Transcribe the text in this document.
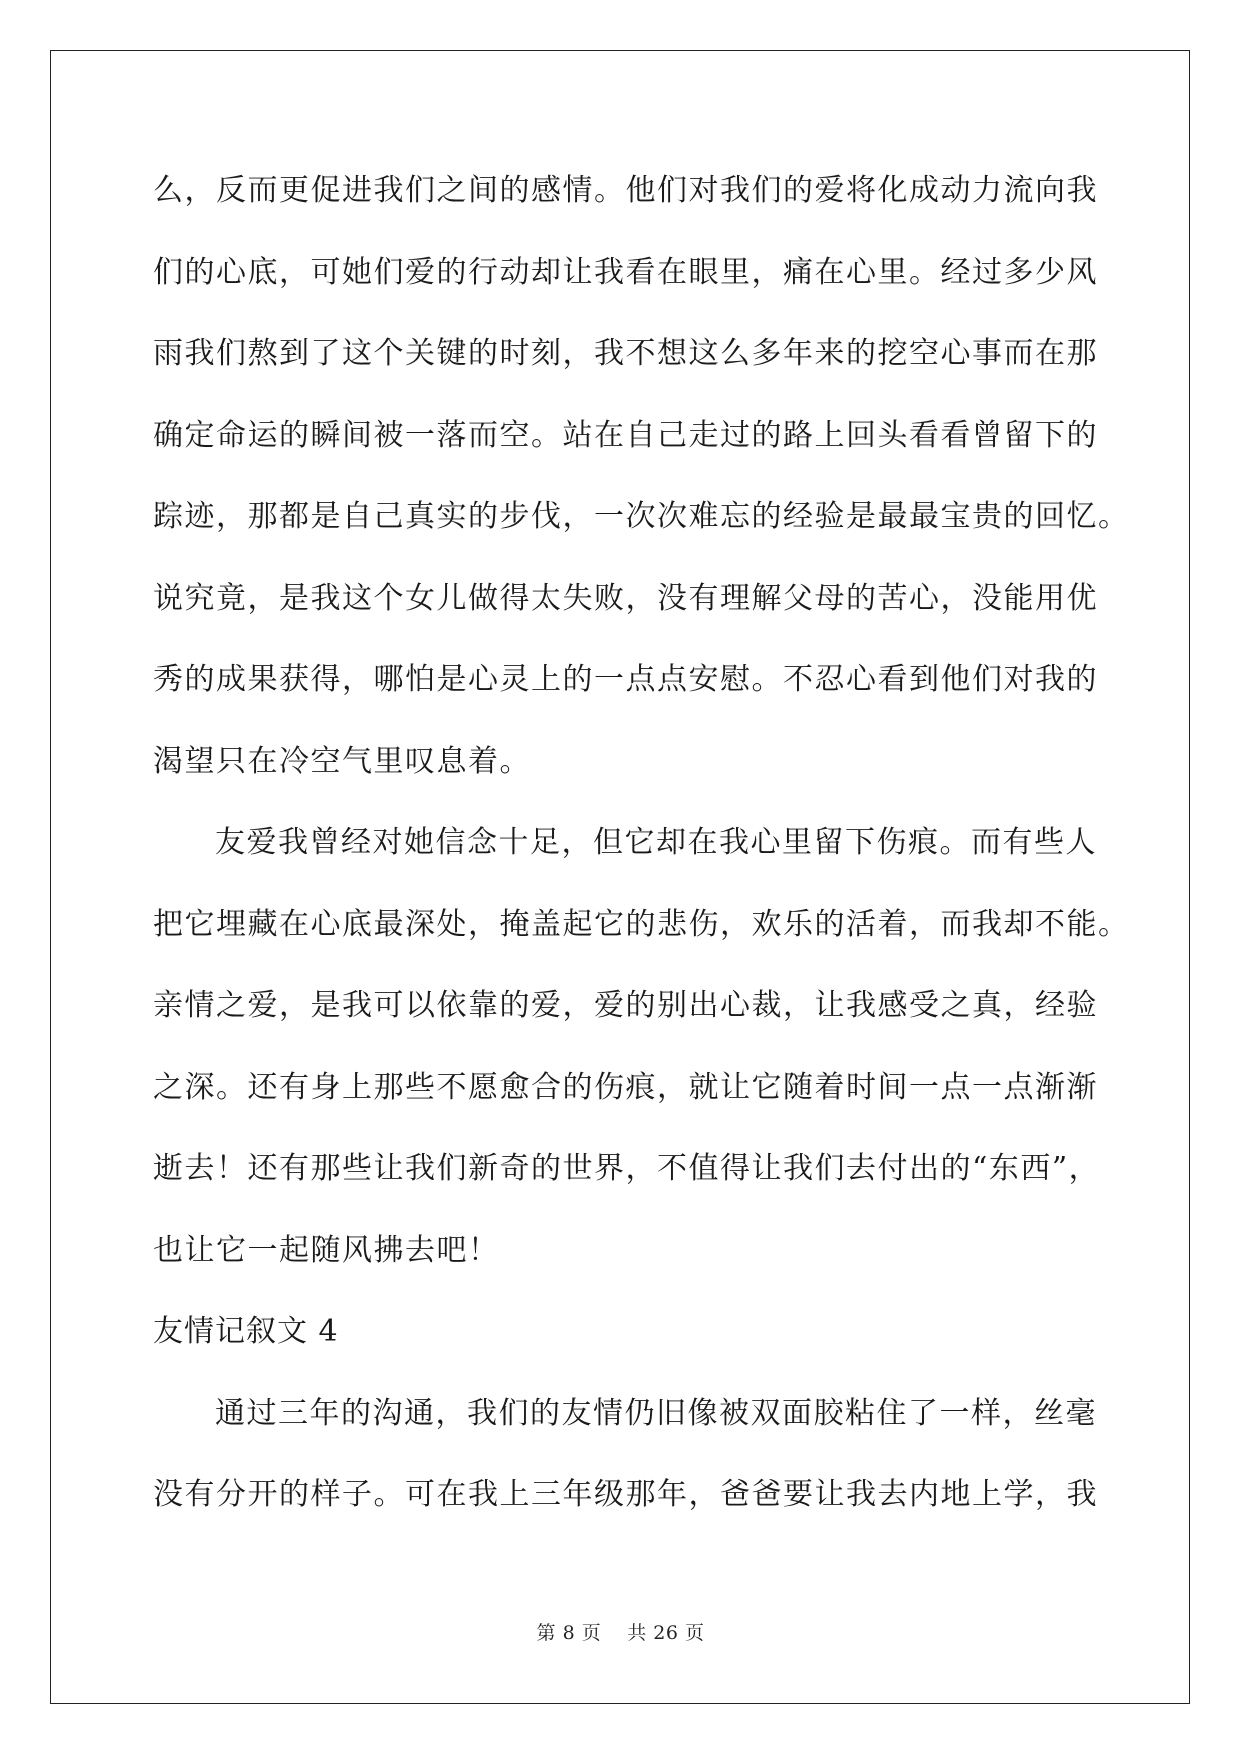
么，反而更促进我们之间的感情。他们对我们的爱将化成动力流向我
们的心底，可她们爱的行动却让我看在眼里，痛在心里。经过多少风
雨我们熬到了这个关键的时刻，我不想这么多年来的挖空心事而在那
确定命运的瞬间被一落而空。站在自己走过的路上回头看看曾留下的
踪迹，那都是自己真实的步伐，一次次难忘的经验是最最宝贵的回忆。
说究竟，是我这个女儿做得太失败，没有理解父母的苦心，没能用优
秀的成果获得，哪怕是心灵上的一点点安慰。不忍心看到他们对我的
渴望只在冷空气里叹息着。
友爱我曾经对她信念十足，但它却在我心里留下伤痕。而有些人
把它埋藏在心底最深处，掩盖起它的悲伤，欢乐的活着，而我却不能。
亲情之爱，是我可以依靠的爱，爱的别出心裁，让我感受之真，经验
之深。还有身上那些不愿愈合的伤痕，就让它随着时间一点一点渐渐
逝去！还有那些让我们新奇的世界，不值得让我们去付出的“东西”，
也让它一起随风拂去吧！
友情记叙文 4
通过三年的沟通，我们的友情仍旧像被双面胶粘住了一样，丝毫
没有分开的样子。可在我上三年级那年，爸爸要让我去内地上学，我
第 8 页 共 26 页
